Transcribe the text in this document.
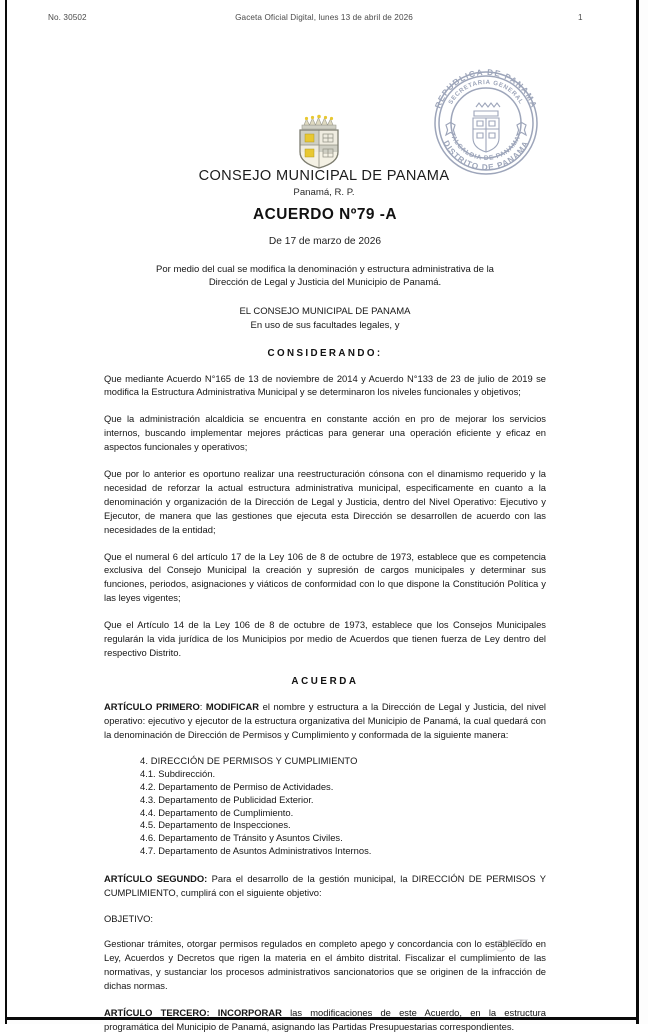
No. 30502	Gaceta Oficial Digital, lunes 13 de abril de 2026	1
REPUBLICA DE PANAMA
SECRETARIA GENERAL
ALCALDIA DE PANAMA
DISTRITO DE PANAMA
CONSEJO MUNICIPAL DE PANAMA
Panamá, R. P.
ACUERDO Nº79 -A
De 17 de marzo de 2026
Por medio del cual se modifica la denominación y estructura administrativa de la Dirección de Legal y Justicia del Municipio de Panamá.
EL CONSEJO MUNICIPAL DE PANAMA
En uso de sus facultades legales, y
CONSIDERANDO:

Que mediante Acuerdo N°165 de 13 de noviembre de 2014 y Acuerdo N°133 de 23 de julio de 2019 se modifica la Estructura Administrativa Municipal y se determinaron los niveles funcionales y objetivos;

Que la administración alcaldicia se encuentra en constante acción en pro de mejorar los servicios internos, buscando implementar mejores prácticas para generar una operación eficiente y eficaz en aspectos funcionales y operativos;

Que por lo anterior es oportuno realizar una reestructuración cónsona con el dinamismo requerido y la necesidad de reforzar la actual estructura administrativa municipal, especificamente en cuanto a la denominación y organización de la Dirección de Legal y Justicia, dentro del Nivel Operativo: Ejecutivo y Ejecutor, de manera que las gestiones que ejecuta esta Dirección se desarrollen de acuerdo con las necesidades de la entidad;

Que el numeral 6 del artículo 17 de la Ley 106 de 8 de octubre de 1973, establece que es competencia exclusiva del Consejo Municipal la creación y supresión de cargos municipales y determinar sus funciones, periodos, asignaciones y viáticos de conformidad con lo que dispone la Constitución Política y las leyes vigentes;

Que el Artículo 14 de la Ley 106 de 8 de octubre de 1973, establece que los Consejos Municipales regularán la vida jurídica de los Municipios por medio de Acuerdos que tienen fuerza de Ley dentro del respectivo Distrito.

ACUERDA

ARTÍCULO PRIMERO: MODIFICAR el nombre y estructura a la Dirección de Legal y Justicia, del nivel operativo: ejecutivo y ejecutor de la estructura organizativa del Municipio de Panamá, la cual quedará con la denominación de Dirección de Permisos y Cumplimiento y conformada de la siguiente manera:

4. DIRECCIÓN DE PERMISOS Y CUMPLIMIENTO
4.1. Subdirección.
4.2. Departamento de Permiso de Actividades.
4.3. Departamento de Publicidad Exterior.
4.4. Departamento de Cumplimiento.
4.5. Departamento de Inspecciones.
4.6. Departamento de Tránsito y Asuntos Civiles.
4.7. Departamento de Asuntos Administrativos Internos.

ARTÍCULO SEGUNDO: Para el desarrollo de la gestión municipal, la DIRECCIÓN DE PERMISOS Y CUMPLIMIENTO, cumplirá con el siguiente objetivo:

OBJETIVO:

Gestionar trámites, otorgar permisos regulados en completo apego y concordancia con lo establecido en Ley, Acuerdos y Decretos que rigen la materia en el ámbito distrital. Fiscalizar el cumplimiento de las normativas, y sustanciar los procesos administrativos sancionatorios que se originen de la infracción de dichas normas.

ARTÍCULO TERCERO: INCORPORAR las modificaciones de este Acuerdo, en la estructura programática del Municipio de Panamá, asignando las Partidas Presupuestarias correspondientes.
